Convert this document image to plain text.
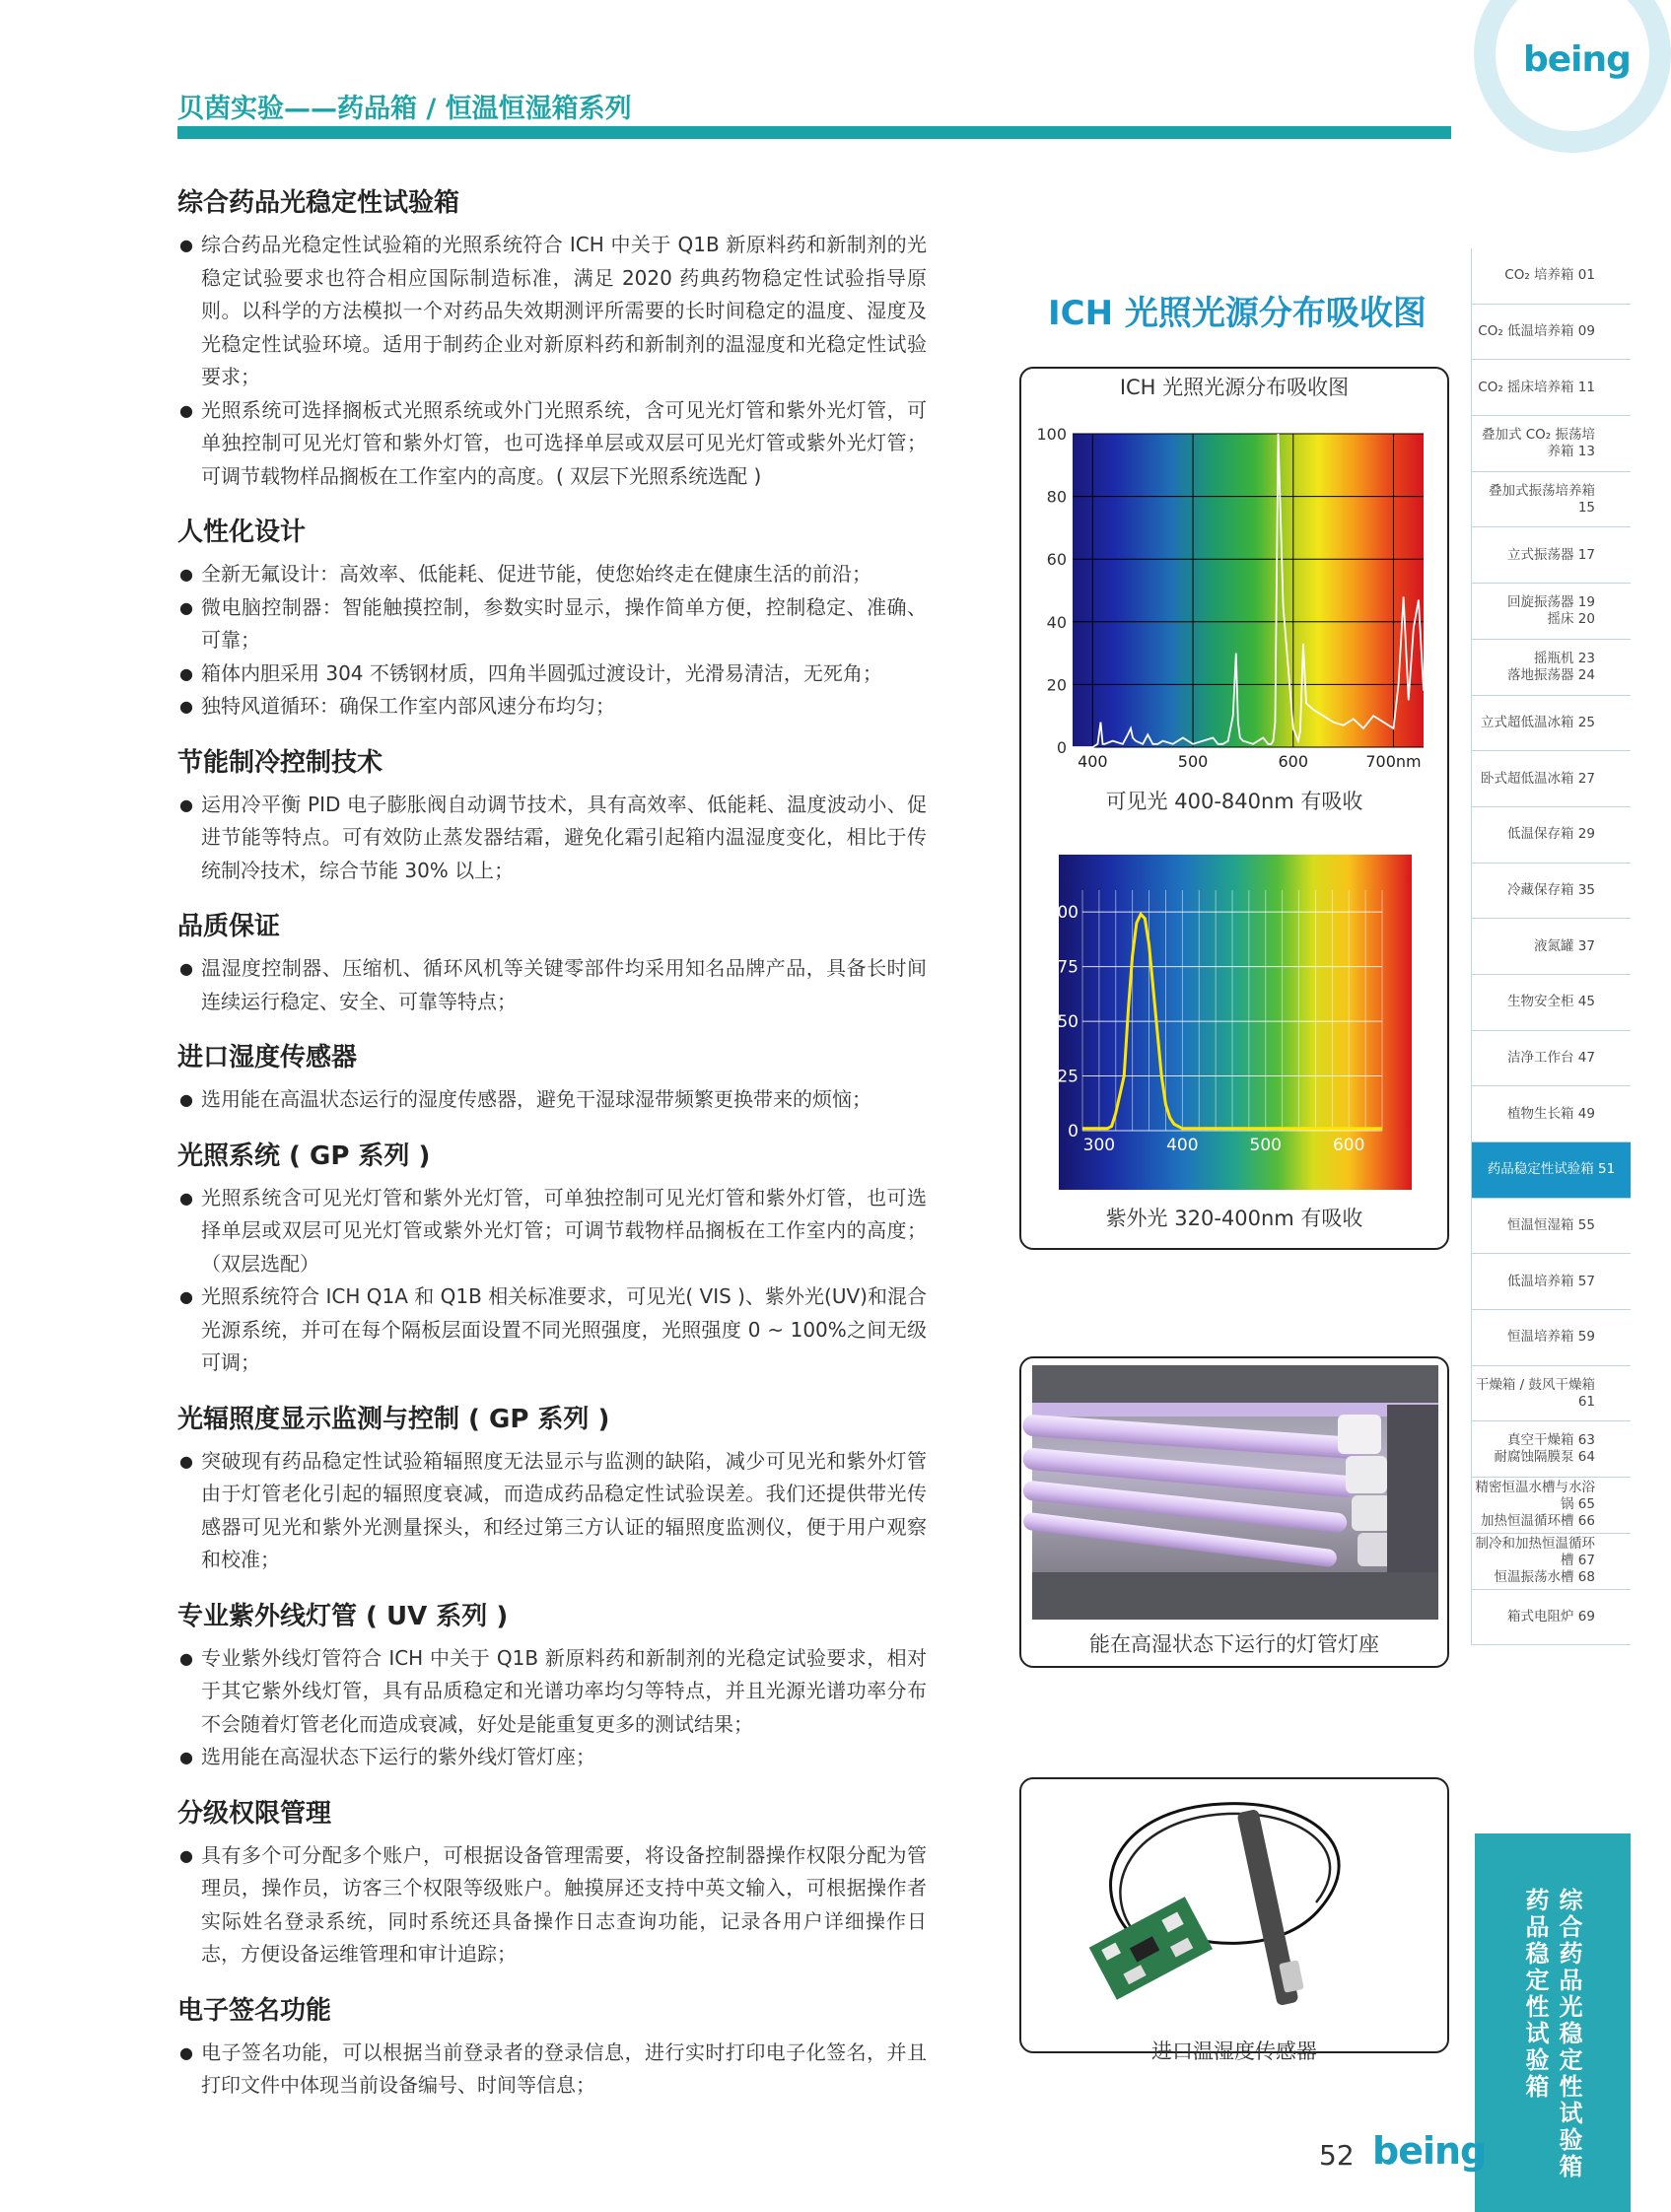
being
贝茵实验——药品箱 / 恒温恒湿箱系列
综合药品光稳定性试验箱
● 综合药品光稳定性试验箱的光照系统符合 ICH 中关于 Q1B 新原料药和新制剂的光稳定试验要求也符合相应国际制造标准，满足 2020 药典药物稳定性试验指导原则。以科学的方法模拟一个对药品失效期测评所需要的长时间稳定的温度、湿度及光稳定性试验环境。适用于制药企业对新原料药和新制剂的温湿度和光稳定性试验要求；
● 光照系统可选择搁板式光照系统或外门光照系统，含可见光灯管和紫外光灯管，可单独控制可见光灯管和紫外灯管，也可选择单层或双层可见光灯管或紫外光灯管；可调节载物样品搁板在工作室内的高度。( 双层下光照系统选配 )
人性化设计
● 全新无氟设计：高效率、低能耗、促进节能，使您始终走在健康生活的前沿；
● 微电脑控制器：智能触摸控制，参数实时显示，操作简单方便，控制稳定、准确、可靠；
● 箱体内胆采用 304 不锈钢材质，四角半圆弧过渡设计，光滑易清洁，无死角；
● 独特风道循环：确保工作室内部风速分布均匀；
节能制冷控制技术
● 运用冷平衡 PID 电子膨胀阀自动调节技术，具有高效率、低能耗、温度波动小、促进节能等特点。可有效防止蒸发器结霜，避免化霜引起箱内温湿度变化，相比于传统制冷技术，综合节能 30% 以上；
品质保证
● 温湿度控制器、压缩机、循环风机等关键零部件均采用知名品牌产品，具备长时间连续运行稳定、安全、可靠等特点；
进口湿度传感器
● 选用能在高温状态运行的湿度传感器，避免干湿球湿带频繁更换带来的烦恼；
光照系统 ( GP 系列 )
● 光照系统含可见光灯管和紫外光灯管，可单独控制可见光灯管和紫外灯管，也可选择单层或双层可见光灯管或紫外光灯管；可调节载物样品搁板在工作室内的高度；（双层选配）
● 光照系统符合 ICH Q1A 和 Q1B 相关标准要求，可见光( VIS )、紫外光(UV)和混合光源系统，并可在每个隔板层面设置不同光照强度，光照强度 0 ~ 100%之间无级可调；
光辐照度显示监测与控制 ( GP 系列 )
● 突破现有药品稳定性试验箱辐照度无法显示与监测的缺陷，减少可见光和紫外灯管由于灯管老化引起的辐照度衰减，而造成药品稳定性试验误差。我们还提供带光传感器可见光和紫外光测量探头，和经过第三方认证的辐照度监测仪，便于用户观察和校准；
专业紫外线灯管 ( UV 系列 )
● 专业紫外线灯管符合 ICH 中关于 Q1B 新原料药和新制剂的光稳定试验要求，相对于其它紫外线灯管，具有品质稳定和光谱功率均匀等特点，并且光源光谱功率分布不会随着灯管老化而造成衰减，好处是能重复更多的测试结果；
● 选用能在高湿状态下运行的紫外线灯管灯座；
分级权限管理
● 具有多个可分配多个账户，可根据设备管理需要，将设备控制器操作权限分配为管理员，操作员，访客三个权限等级账户。触摸屏还支持中英文输入，可根据操作者实际姓名登录系统，同时系统还具备操作日志查询功能，记录各用户详细操作日志，方便设备运维管理和审计追踪；
电子签名功能
● 电子签名功能，可以根据当前登录者的登录信息，进行实时打印电子化签名，并且打印文件中体现当前设备编号、时间等信息；
ICH 光照光源分布吸收图
ICH 光照光源分布吸收图
0
20
40
60
80
100
400	500	600	700nm
可见光 400-840nm 有吸收
0
25
50
75
100
300	400	500	600
紫外光 320-400nm 有吸收
能在高湿状态下运行的灯管灯座
进口温湿度传感器
CO₂ 培养箱 01
CO₂ 低温培养箱 09
CO₂ 摇床培养箱 11
叠加式 CO₂ 振荡培养箱 13
叠加式振荡培养箱 15
立式振荡器 17
回旋振荡器 19
摇床 20
摇瓶机 23
落地振荡器 24
立式超低温冰箱 25
卧式超低温冰箱 27
低温保存箱 29
冷藏保存箱 35
液氮罐 37
生物安全柜 45
洁净工作台 47
植物生长箱 49
药品稳定性试验箱 51
恒温恒湿箱 55
低温培养箱 57
恒温培养箱 59
干燥箱 / 鼓风干燥箱 61
真空干燥箱 63
耐腐蚀隔膜泵 64
精密恒温水槽与水浴锅 65
加热恒温循环槽 66
制冷和加热恒温循环槽 67
恒温振荡水槽 68
箱式电阻炉 69
综合药品光稳定性试验箱
药品稳定性试验箱
52 being
